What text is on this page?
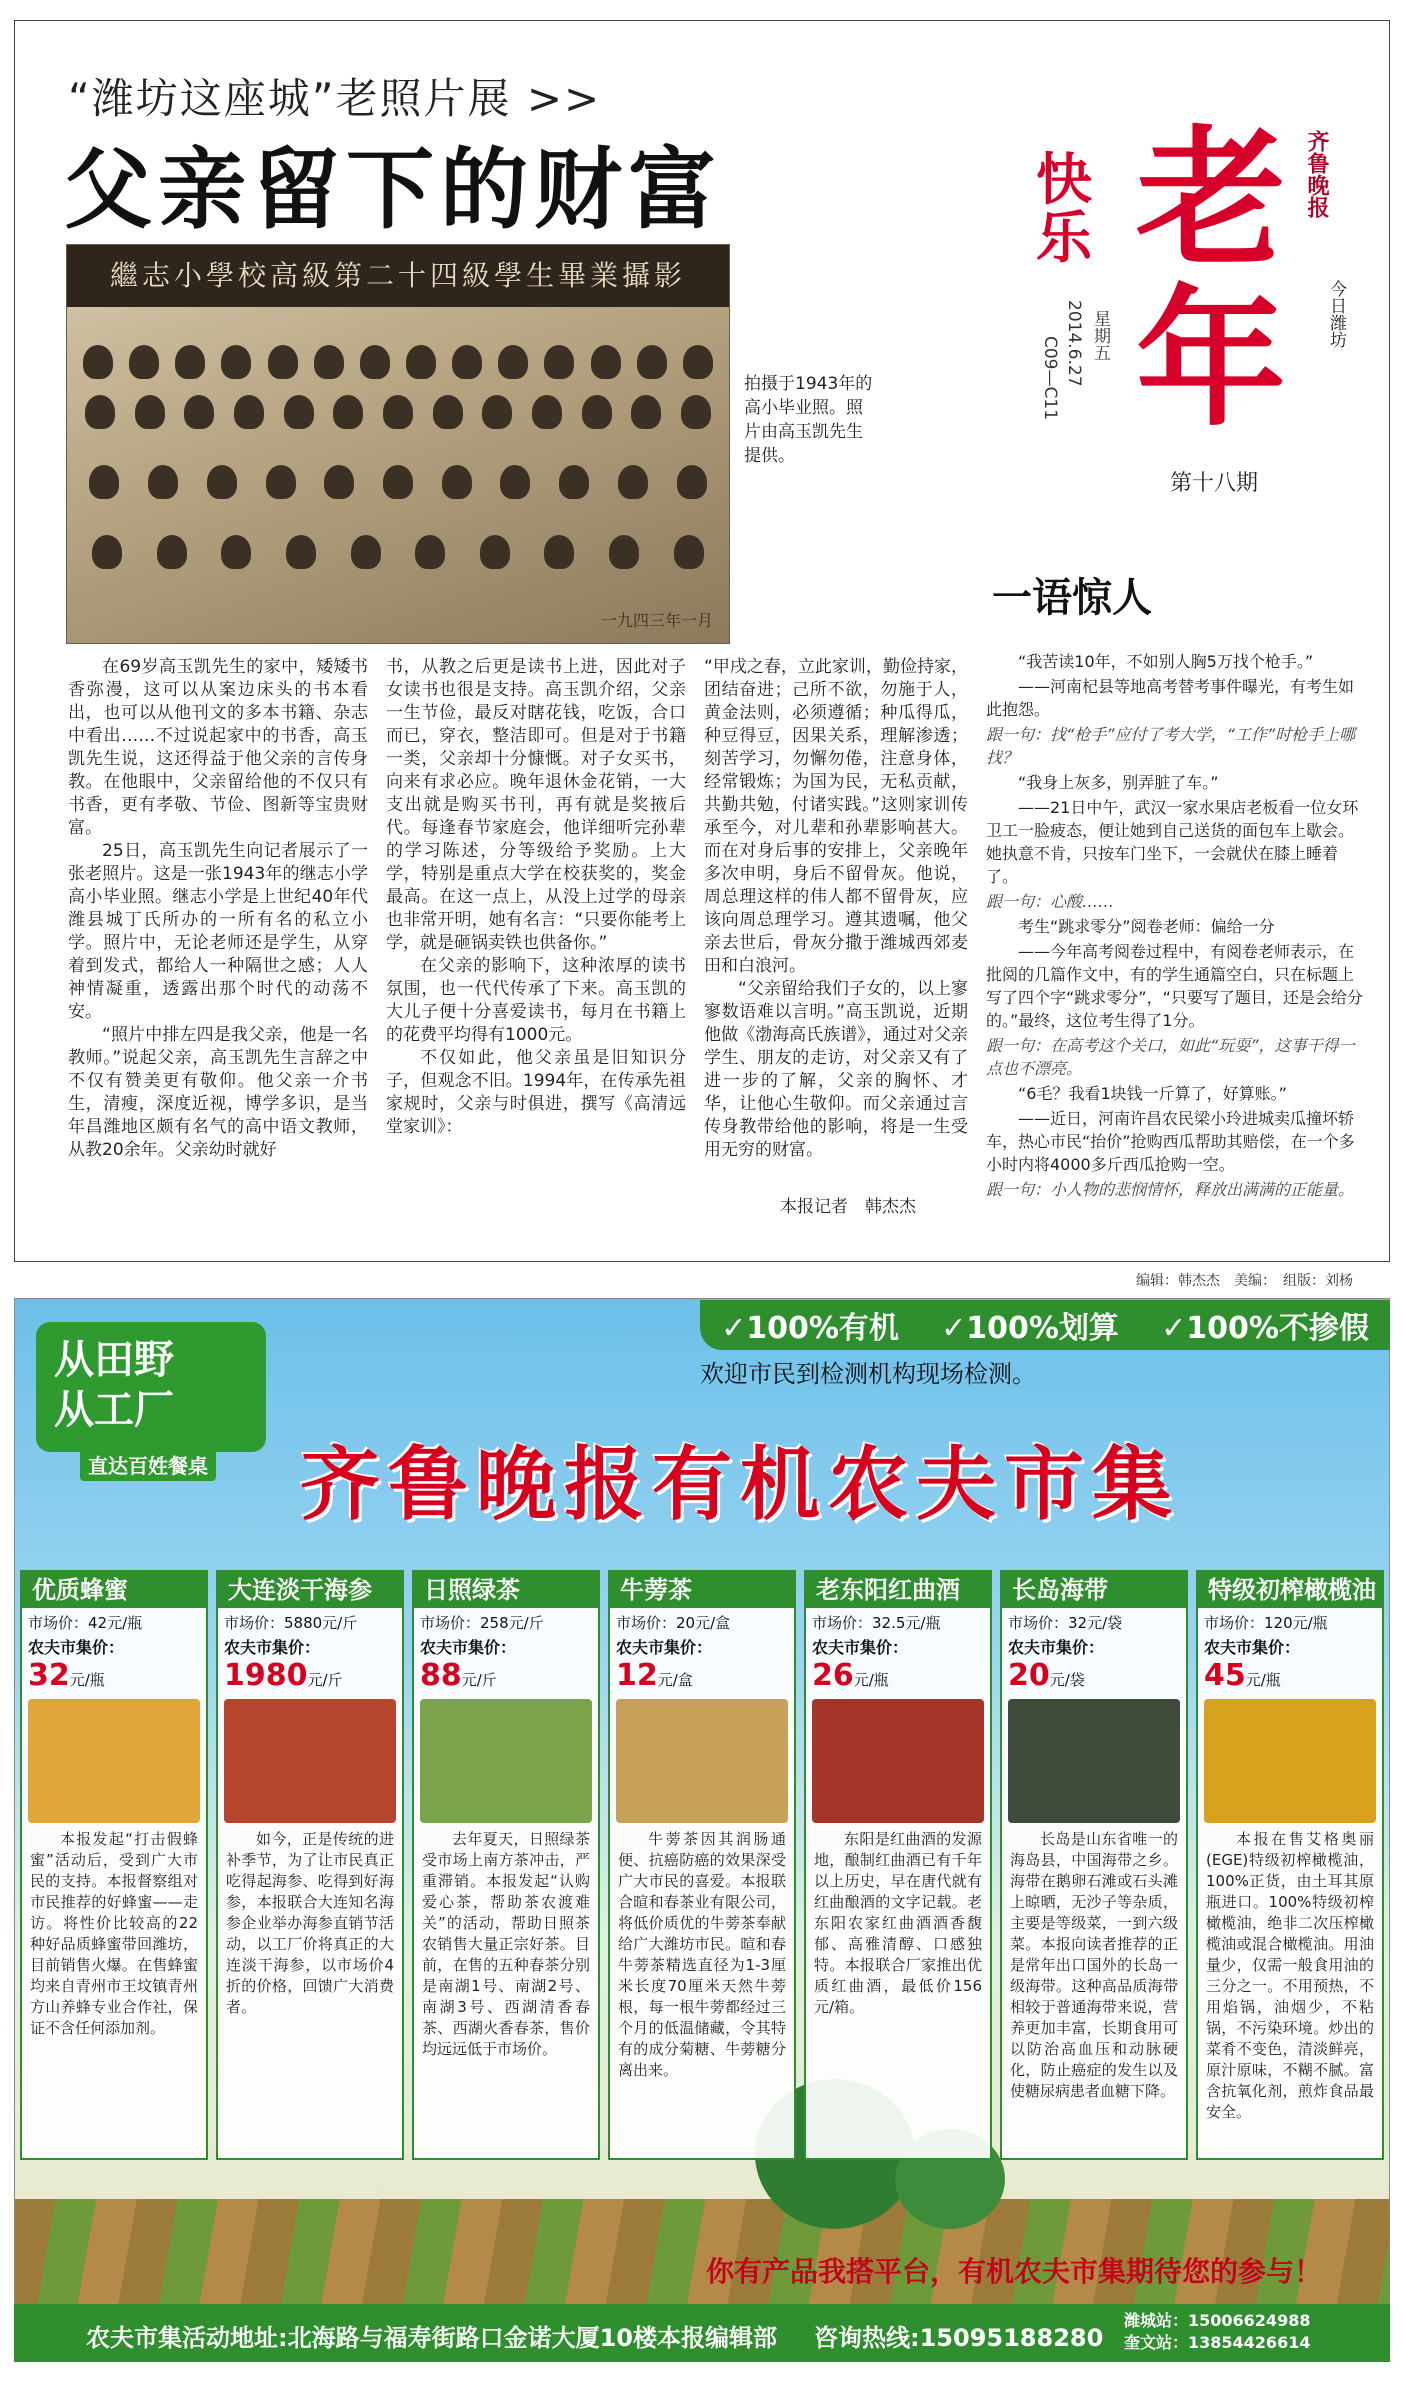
“潍坊这座城”老照片展 >>
父亲留下的财富
繼志小學校高級第二十四級學生畢業攝影
一九四三年一月
拍摄于1943年的高小毕业照。照片由高玉凯先生提供。

在69岁高玉凯先生的家中，矮矮书香弥漫，这可以从案边床头的书本看出，也可以从他刊文的多本书籍、杂志中看出……不过说起家中的书香，高玉凯先生说，这还得益于他父亲的言传身教。在他眼中，父亲留给他的不仅只有书香，更有孝敬、节俭、图新等宝贵财富。

25日，高玉凯先生向记者展示了一张老照片。这是一张1943年的继志小学高小毕业照。继志小学是上世纪40年代潍县城丁氏所办的一所有名的私立小学。照片中，无论老师还是学生，从穿着到发式，都给人一种隔世之感；人人神情凝重，透露出那个时代的动荡不安。

“照片中排左四是我父亲，他是一名教师。”说起父亲，高玉凯先生言辞之中不仅有赞美更有敬仰。他父亲一介书生，清瘦，深度近视，博学多识，是当年昌潍地区颇有名气的高中语文教师，从教20余年。父亲幼时就好

书，从教之后更是读书上进，因此对子女读书也很是支持。高玉凯介绍，父亲一生节俭，最反对瞎花钱，吃饭，合口而已，穿衣，整洁即可。但是对于书籍一类，父亲却十分慷慨。对子女买书，向来有求必应。晚年退休金花销，一大支出就是购买书刊，再有就是奖掖后代。每逢春节家庭会，他详细听完孙辈的学习陈述，分等级给予奖励。上大学，特别是重点大学在校获奖的，奖金最高。在这一点上，从没上过学的母亲也非常开明，她有名言：“只要你能考上学，就是砸锅卖铁也供备你。”

在父亲的影响下，这种浓厚的读书氛围，也一代代传承了下来。高玉凯的大儿子便十分喜爱读书，每月在书籍上的花费平均得有1000元。

不仅如此，他父亲虽是旧知识分子，但观念不旧。1994年，在传承先祖家规时，父亲与时俱进，撰写《高清远堂家训》：

“甲戌之春，立此家训，勤俭持家，团结奋进；己所不欲，勿施于人，黄金法则，必须遵循；种瓜得瓜，种豆得豆，因果关系，理解渗透；刻苦学习，勿懈勿倦，注意身体，经常锻炼；为国为民，无私贡献，共勤共勉，付诸实践。”这则家训传承至今，对儿辈和孙辈影响甚大。而在对身后事的安排上，父亲晚年多次申明，身后不留骨灰。他说，周总理这样的伟人都不留骨灰，应该向周总理学习。遵其遗嘱，他父亲去世后，骨灰分撒于潍城西郊麦田和白浪河。

“父亲留给我们子女的，以上寥寥数语难以言明。”高玉凯说，近期他做《渤海高氏族谱》，通过对父亲学生、朋友的走访，对父亲又有了进一步的了解，父亲的胸怀、才华，让他心生敬仰。而父亲通过言传身教带给他的影响，将是一生受用无穷的财富。

本报记者　韩杰杰
快乐 老年
齐鲁晚报
今日潍坊
星期五
2014.6.27
C09—C11
第十八期
一语惊人

“我苦读10年，不如别人胸5万找个枪手。”

——河南杞县等地高考替考事件曝光，有考生如此抱怨。

跟一句：找“枪手”应付了考大学，“工作”时枪手上哪找？

“我身上灰多，别弄脏了车。”

——21日中午，武汉一家水果店老板看一位女环卫工一脸疲态，便让她到自己送货的面包车上歇会。她执意不肯，只按车门坐下，一会就伏在膝上睡着了。

跟一句：心酸……

考生“跳求零分”阅卷老师：偏给一分

——今年高考阅卷过程中，有阅卷老师表示，在批阅的几篇作文中，有的学生通篇空白，只在标题上写了四个字“跳求零分”，“只要写了题目，还是会给分的。”最终，这位考生得了1分。

跟一句：在高考这个关口，如此“玩耍”，这事干得一点也不漂亮。

“6毛？我看1块钱一斤算了，好算账。”

——近日，河南许昌农民梁小玲进城卖瓜撞坏轿车，热心市民“抬价”抢购西瓜帮助其赔偿，在一个多小时内将4000多斤西瓜抢购一空。

跟一句：小人物的悲悯情怀，释放出满满的正能量。

编辑：韩杰杰　美编：　组版：刘杨
从田野
从工厂
直达百姓餐桌
✓100%有机 ✓100%划算 ✓100%不掺假
欢迎市民到检测机构现场检测。
齐鲁晚报有机农夫市集
优质蜂蜜
市场价：42元/瓶
农夫市集价：
32元/瓶
本报发起“打击假蜂蜜”活动后，受到广大市民的支持。本报督察组对市民推荐的好蜂蜜——走访。将性价比较高的22种好品质蜂蜜带回潍坊，目前销售火爆。在售蜂蜜均来自青州市王坟镇青州方山养蜂专业合作社，保证不含任何添加剂。
大连淡干海参
市场价：5880元/斤
农夫市集价：
1980元/斤
如今，正是传统的进补季节，为了让市民真正吃得起海参、吃得到好海参，本报联合大连知名海参企业举办海参直销节活动，以工厂价将真正的大连淡干海参，以市场价4折的价格，回馈广大消费者。
日照绿茶
市场价：258元/斤
农夫市集价：
88元/斤
去年夏天，日照绿茶受市场上南方茶冲击，严重滞销。本报发起“认购爱心茶，帮助茶农渡难关”的活动，帮助日照茶农销售大量正宗好茶。目前，在售的五种春茶分别是南湖1号、南湖2号、南湖3号、西湖清香春茶、西湖火香春茶，售价均远远低于市场价。
牛蒡茶
市场价：20元/盒
农夫市集价：
12元/盒
牛蒡茶因其润肠通便、抗癌防癌的效果深受广大市民的喜爱。本报联合暄和春茶业有限公司，将低价质优的牛蒡茶奉献给广大潍坊市民。暄和春牛蒡茶精选直径为1-3厘米长度70厘米天然牛蒡根，每一根牛蒡都经过三个月的低温储藏，令其特有的成分菊糖、牛蒡糖分离出来。
老东阳红曲酒
市场价：32.5元/瓶
农夫市集价：
26元/瓶
东阳是红曲酒的发源地，酿制红曲酒已有千年以上历史，早在唐代就有红曲酿酒的文字记载。老东阳农家红曲酒酒香馥郁、高雅清醇、口感独特。本报联合厂家推出优质红曲酒，最低价156元/箱。
长岛海带
市场价：32元/袋
农夫市集价：
20元/袋
长岛是山东省唯一的海岛县，中国海带之乡。海带在鹅卵石滩或石头滩上晾晒，无沙子等杂质，主要是等级菜，一到六级菜。本报向读者推荐的正是常年出口国外的长岛一级海带。这种高品质海带相较于普通海带来说，营养更加丰富，长期食用可以防治高血压和动脉硬化，防止癌症的发生以及使糖尿病患者血糖下降。
特级初榨橄榄油
市场价：120元/瓶
农夫市集价：
45元/瓶
本报在售艾格奥丽(EGE)特级初榨橄榄油，100%正货，由土耳其原瓶进口。100%特级初榨橄榄油，绝非二次压榨橄榄油或混合橄榄油。用油量少，仅需一般食用油的三分之一。不用预热，不用焰锅，油烟少，不粘锅，不污染环境。炒出的菜肴不变色，清淡鲜亮，原汁原味，不糊不腻。富含抗氧化剂，煎炸食品最安全。
你有产品我搭平台，有机农夫市集期待您的参与！
农夫市集活动地址:北海路与福寿街路口金诺大厦10楼本报编辑部 咨询热线:15095188280
潍城站：15006624988
奎文站：13854426614
